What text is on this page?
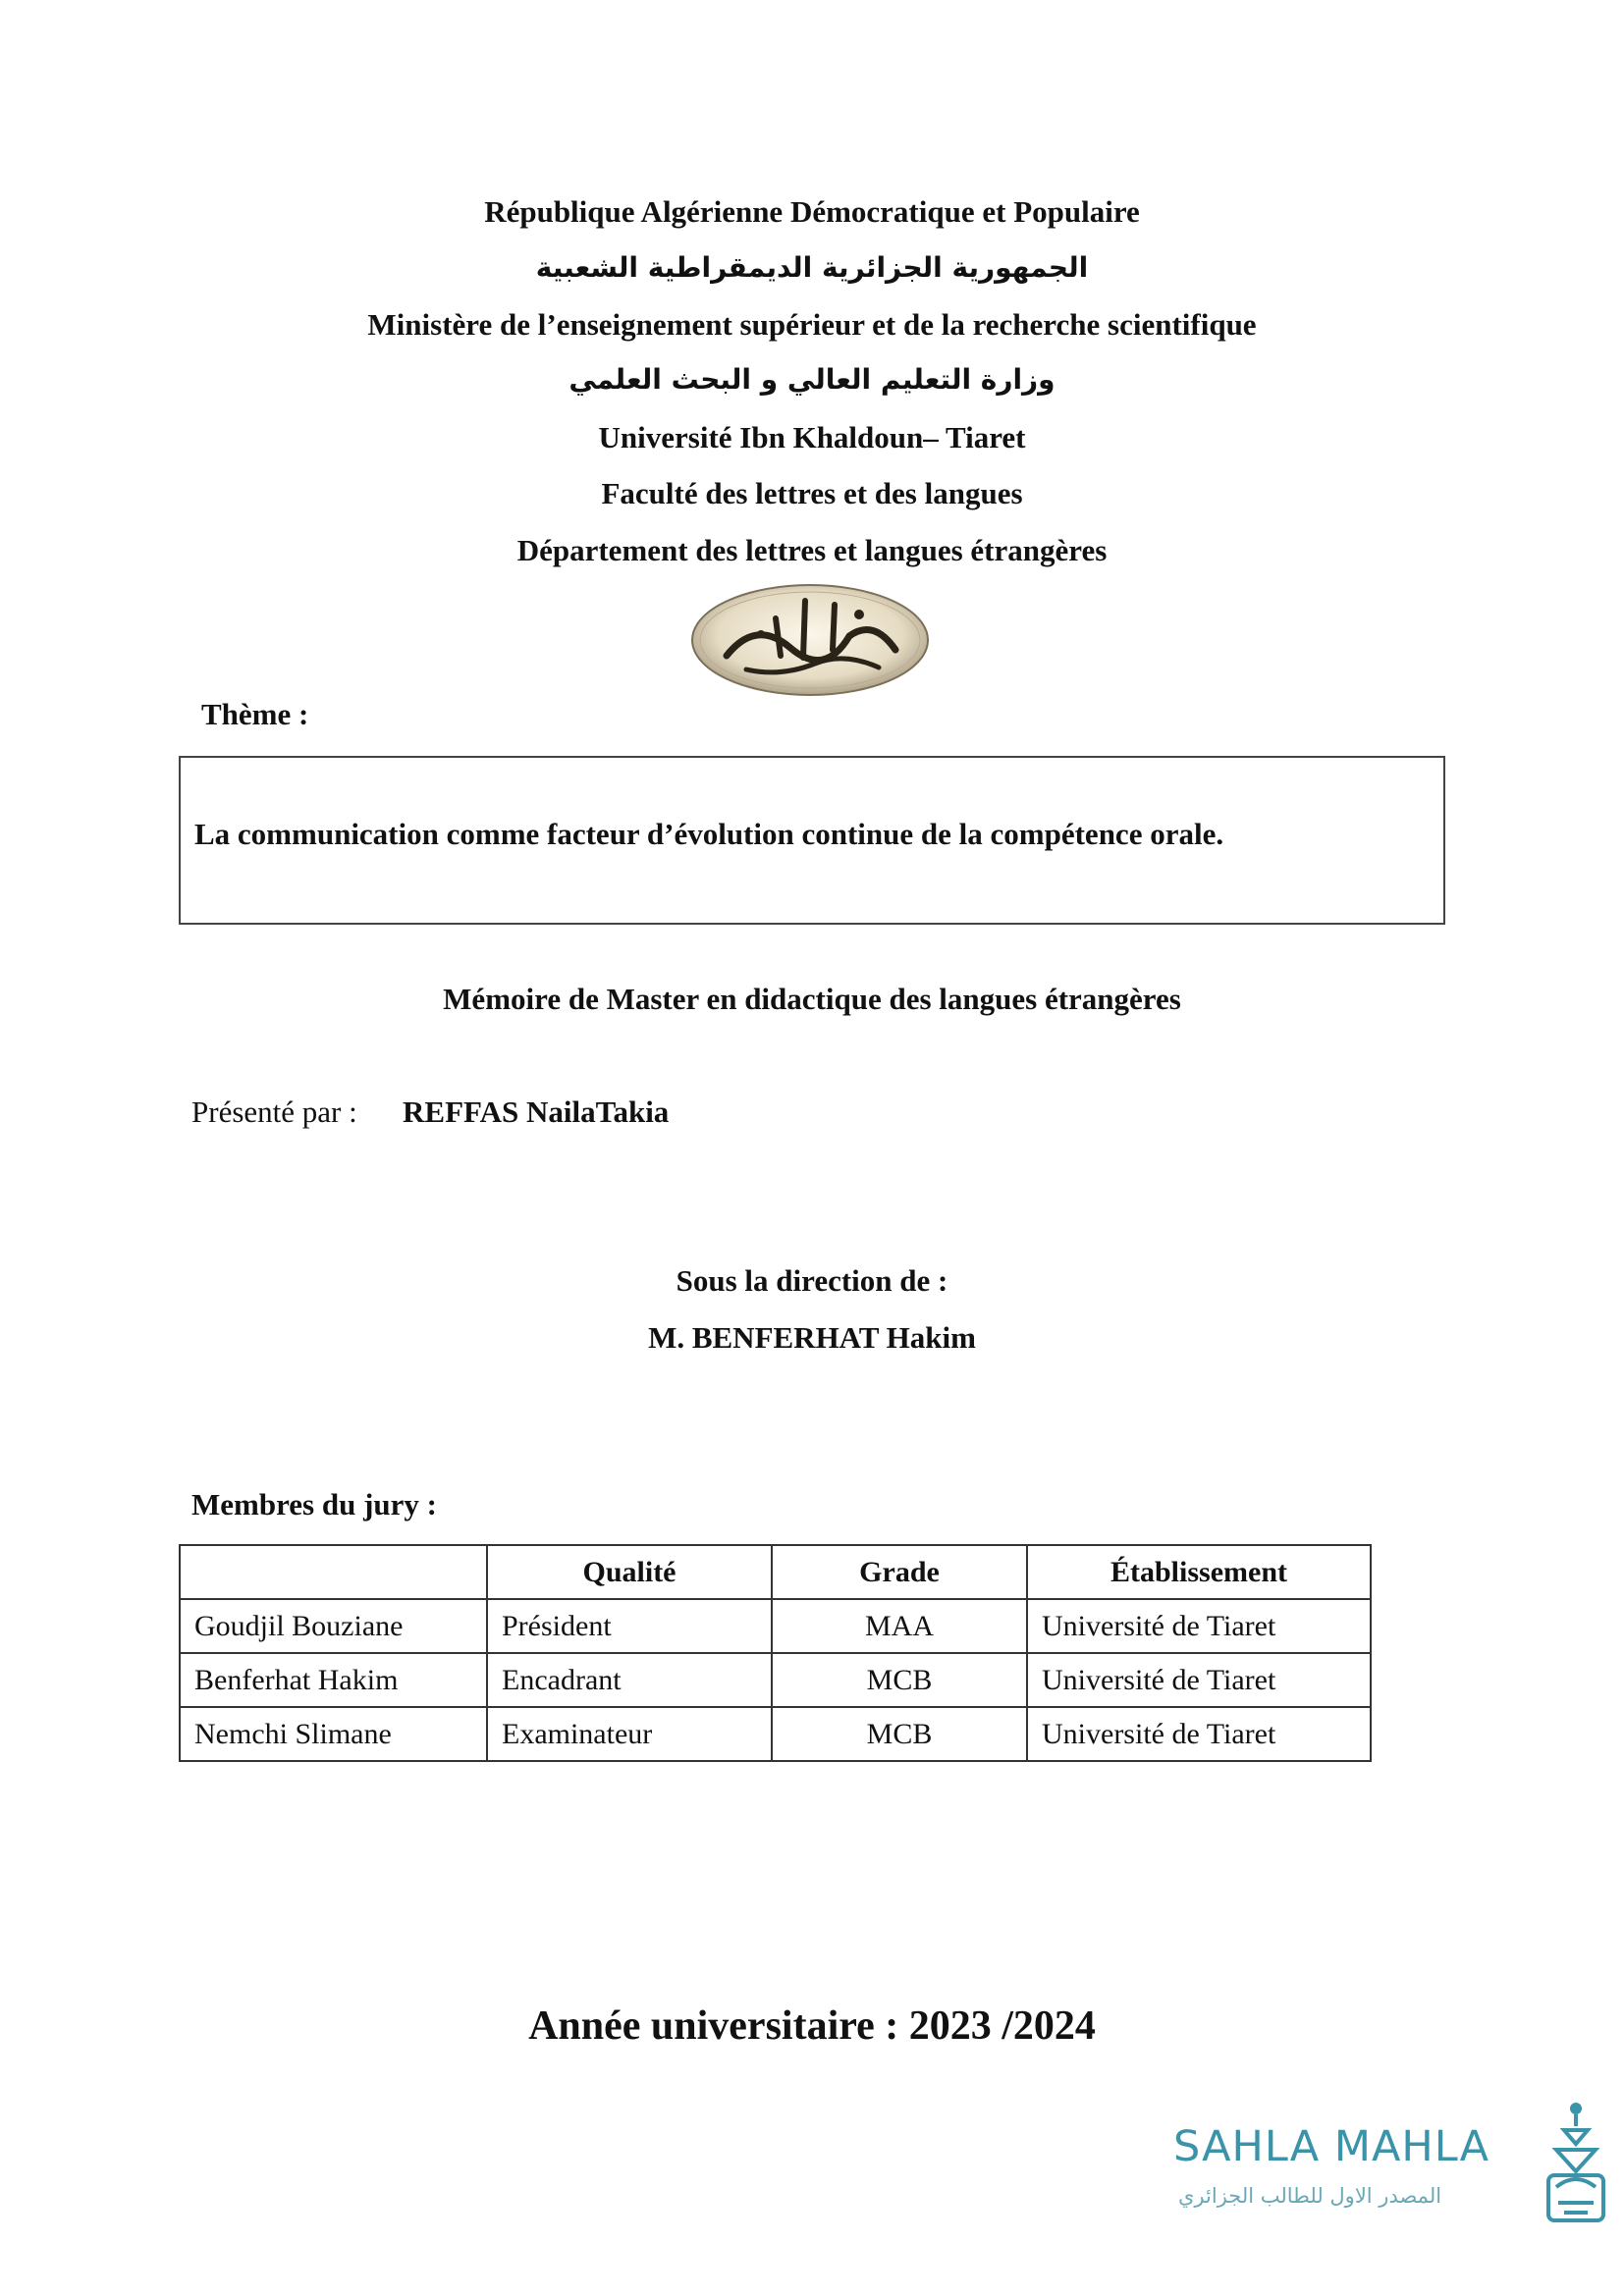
République Algérienne Démocratique et Populaire
الجمهورية الجزائرية الديمقراطية الشعبية
Ministère de l’enseignement supérieur et de la recherche scientifique
وزارة التعليم العالي و البحث العلمي
Université Ibn Khaldoun– Tiaret
Faculté des lettres et des langues
Département des lettres et langues étrangères
Thème :
La communication comme facteur d’évolution continue de la compétence orale.
Mémoire de Master en didactique des langues étrangères
Présenté par : REFFAS NailaTakia
Sous la direction de :
M. BENFERHAT Hakim
Membres du jury :
	Qualité	Grade	Établissement
Goudjil Bouziane	Président	MAA	Université de Tiaret
Benferhat Hakim	Encadrant	MCB	Université de Tiaret
Nemchi Slimane	Examinateur	MCB	Université de Tiaret
Année universitaire : 2023 /2024
SAHLA MAHLA
المصدر الاول للطالب الجزائري
